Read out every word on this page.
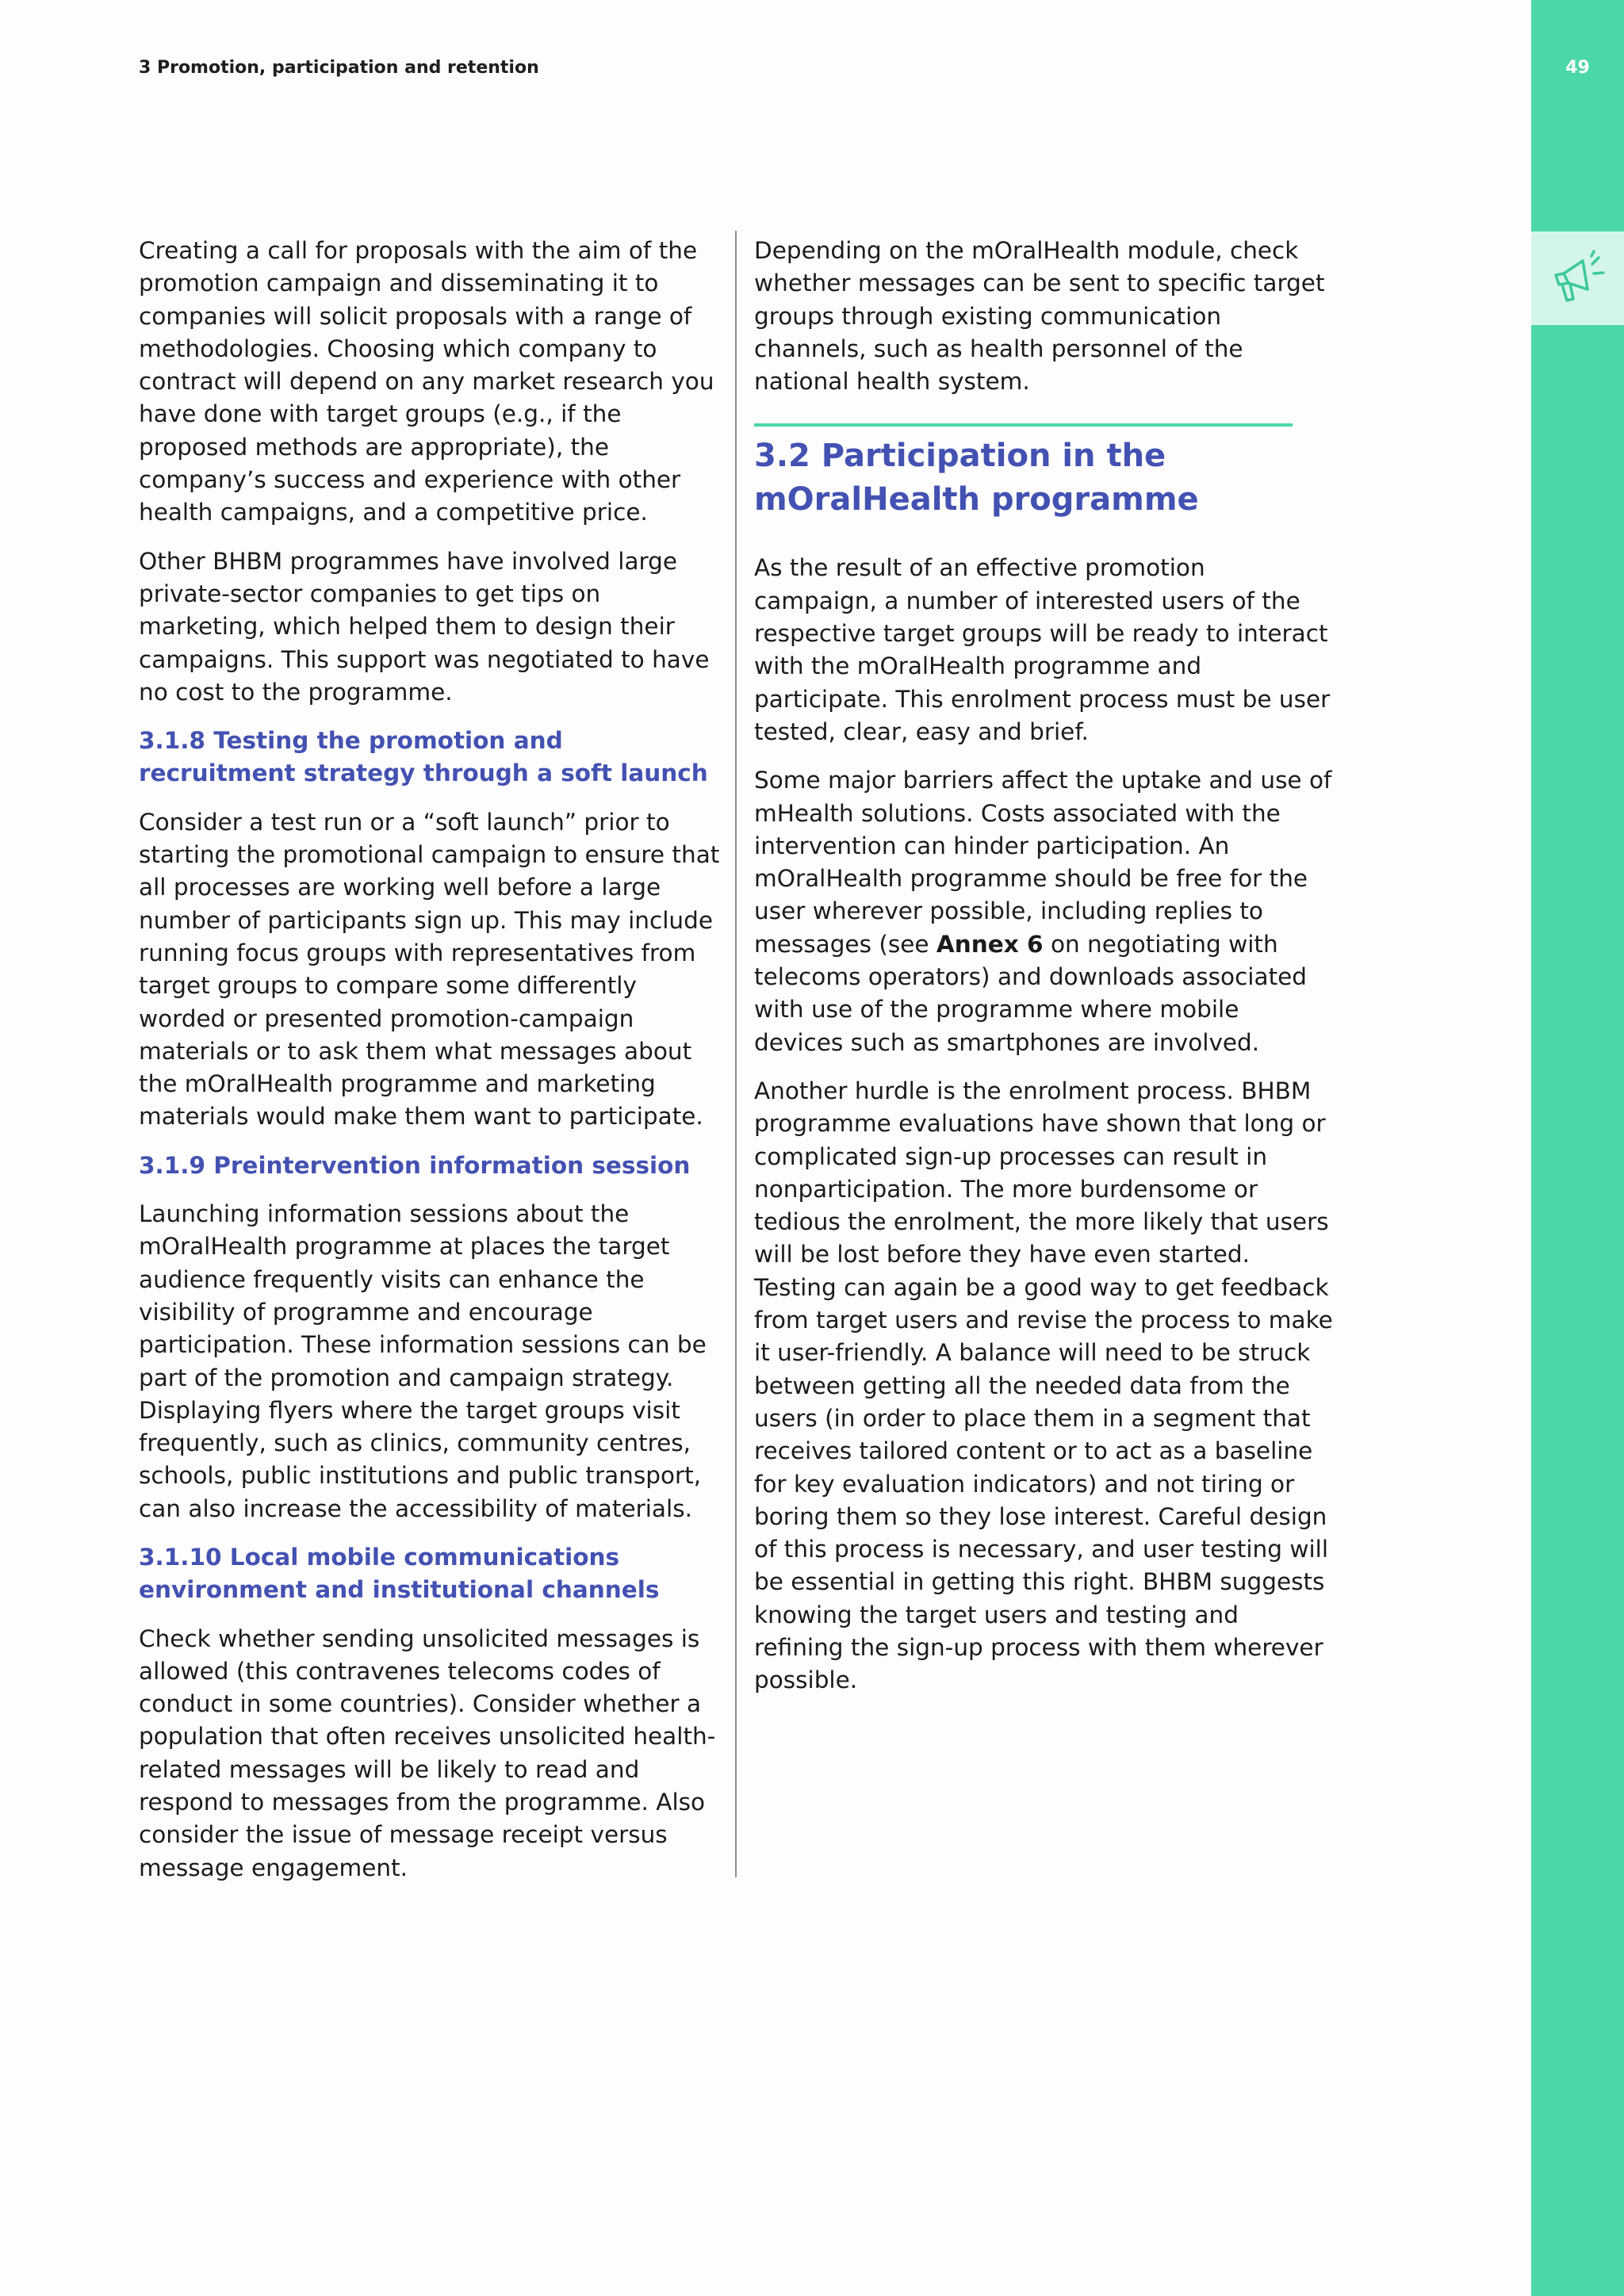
3 Promotion, participation and retention	49

Creating a call for proposals with the aim of the promotion campaign and disseminating it to companies will solicit proposals with a range of methodologies. Choosing which company to contract will depend on any market research you have done with target groups (e.g., if the proposed methods are appropriate), the company’s success and experience with other health campaigns, and a competitive price.

Other BHBM programmes have involved large private-sector companies to get tips on marketing, which helped them to design their campaigns. This support was negotiated to have no cost to the programme.

3.1.8 Testing the promotion and recruitment strategy through a soft launch

Consider a test run or a “soft launch” prior to starting the promotional campaign to ensure that all processes are working well before a large number of participants sign up. This may include running focus groups with representatives from target groups to compare some differently worded or presented promotion-campaign materials or to ask them what messages about the mOralHealth programme and marketing materials would make them want to participate.

3.1.9 Preintervention information session

Launching information sessions about the mOralHealth programme at places the target audience frequently visits can enhance the visibility of programme and encourage participation. These information sessions can be part of the promotion and campaign strategy. Displaying flyers where the target groups visit frequently, such as clinics, community centres, schools, public institutions and public transport, can also increase the accessibility of materials.

3.1.10 Local mobile communications environment and institutional channels

Check whether sending unsolicited messages is allowed (this contravenes telecoms codes of conduct in some countries). Consider whether a population that often receives unsolicited health-related messages will be likely to read and respond to messages from the programme. Also consider the issue of message receipt versus message engagement.

Depending on the mOralHealth module, check whether messages can be sent to specific target groups through existing communication channels, such as health personnel of the national health system.

3.2 Participation in the mOralHealth programme

As the result of an effective promotion campaign, a number of interested users of the respective target groups will be ready to interact with the mOralHealth programme and participate. This enrolment process must be user tested, clear, easy and brief.

Some major barriers affect the uptake and use of mHealth solutions. Costs associated with the intervention can hinder participation. An mOralHealth programme should be free for the user wherever possible, including replies to messages (see Annex 6 on negotiating with telecoms operators) and downloads associated with use of the programme where mobile devices such as smartphones are involved.

Another hurdle is the enrolment process. BHBM programme evaluations have shown that long or complicated sign-up processes can result in nonparticipation. The more burdensome or tedious the enrolment, the more likely that users will be lost before they have even started. Testing can again be a good way to get feedback from target users and revise the process to make it user-friendly. A balance will need to be struck between getting all the needed data from the users (in order to place them in a segment that receives tailored content or to act as a baseline for key evaluation indicators) and not tiring or boring them so they lose interest. Careful design of this process is necessary, and user testing will be essential in getting this right. BHBM suggests knowing the target users and testing and refining the sign-up process with them wherever possible.
